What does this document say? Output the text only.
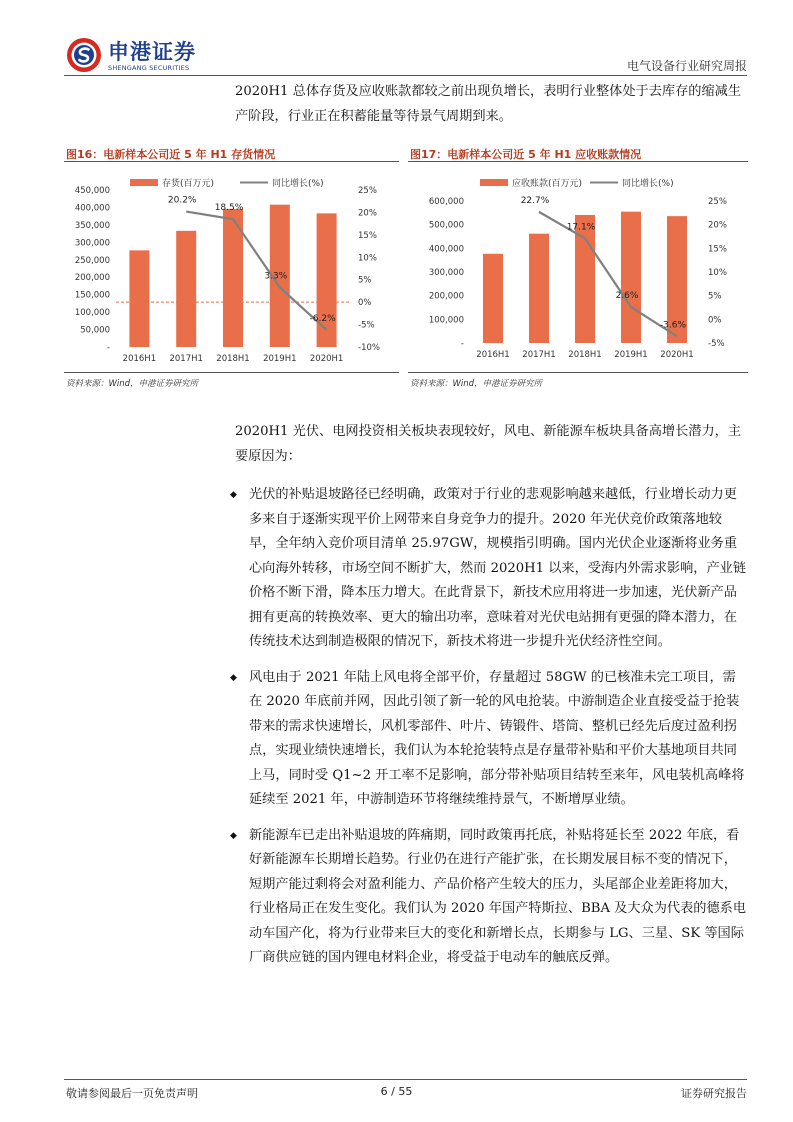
申港证券
SHENGANG SECURITIES	电气设备行业研究周报
2020H1 总体存货及应收账款都较之前出现负增长，表明行业整体处于去库存的缩减生产阶段，行业正在积蓄能量等待景气周期到来。
图16：电新样本公司近 5 年 H1 存货情况	图17：电新样本公司近 5 年 H1 应收账款情况
存货(百万元)	同比增长(%)
-
50,000
100,000
150,000
200,000
250,000
300,000
350,000
400,000
450,000
-10%
-5%
0%
5%
10%
15%
20%
25%
2016H1 2017H1 2018H1 2019H1 2020H1
20.2%
18.5%
3.3%
-6.2%
应收账款(百万元)	同比增长(%)
-
100,000
200,000
300,000
400,000
500,000
600,000
-5%
0%
5%
10%
15%
20%
25%
2016H1 2017H1 2018H1 2019H1 2020H1
22.7%
17.1%
2.6%
-3.6%
资料来源：Wind，申港证券研究所	资料来源：Wind，申港证券研究所
2020H1 光伏、电网投资相关板块表现较好，风电、新能源车板块具备高增长潜力，主要原因为：
◆ 光伏的补贴退坡路径已经明确，政策对于行业的悲观影响越来越低，行业增长动力更多来自于逐渐实现平价上网带来自身竞争力的提升。2020 年光伏竞价政策落地较早，全年纳入竞价项目清单 25.97GW，规模指引明确。国内光伏企业逐渐将业务重心向海外转移，市场空间不断扩大，然而 2020H1 以来，受海内外需求影响，产业链价格不断下滑，降本压力增大。在此背景下，新技术应用将进一步加速，光伏新产品拥有更高的转换效率、更大的输出功率，意味着对光伏电站拥有更强的降本潜力，在传统技术达到制造极限的情况下，新技术将进一步提升光伏经济性空间。
◆ 风电由于 2021 年陆上风电将全部平价，存量超过 58GW 的已核准未完工项目，需在 2020 年底前并网，因此引领了新一轮的风电抢装。中游制造企业直接受益于抢装带来的需求快速增长，风机零部件、叶片、铸锻件、塔筒、整机已经先后度过盈利拐点，实现业绩快速增长，我们认为本轮抢装特点是存量带补贴和平价大基地项目共同上马，同时受 Q1~2 开工率不足影响，部分带补贴项目结转至来年，风电装机高峰将延续至 2021 年，中游制造环节将继续维持景气，不断增厚业绩。
◆ 新能源车已走出补贴退坡的阵痛期，同时政策再托底，补贴将延长至 2022 年底，看好新能源车长期增长趋势。行业仍在进行产能扩张，在长期发展目标不变的情况下，短期产能过剩将会对盈利能力、产品价格产生较大的压力，头尾部企业差距将加大，行业格局正在发生变化。我们认为 2020 年国产特斯拉、BBA 及大众为代表的德系电动车国产化，将为行业带来巨大的变化和新增长点，长期参与 LG、三星、SK 等国际厂商供应链的国内锂电材料企业，将受益于电动车的触底反弹。
敬请参阅最后一页免责声明	6 / 55	证券研究报告
